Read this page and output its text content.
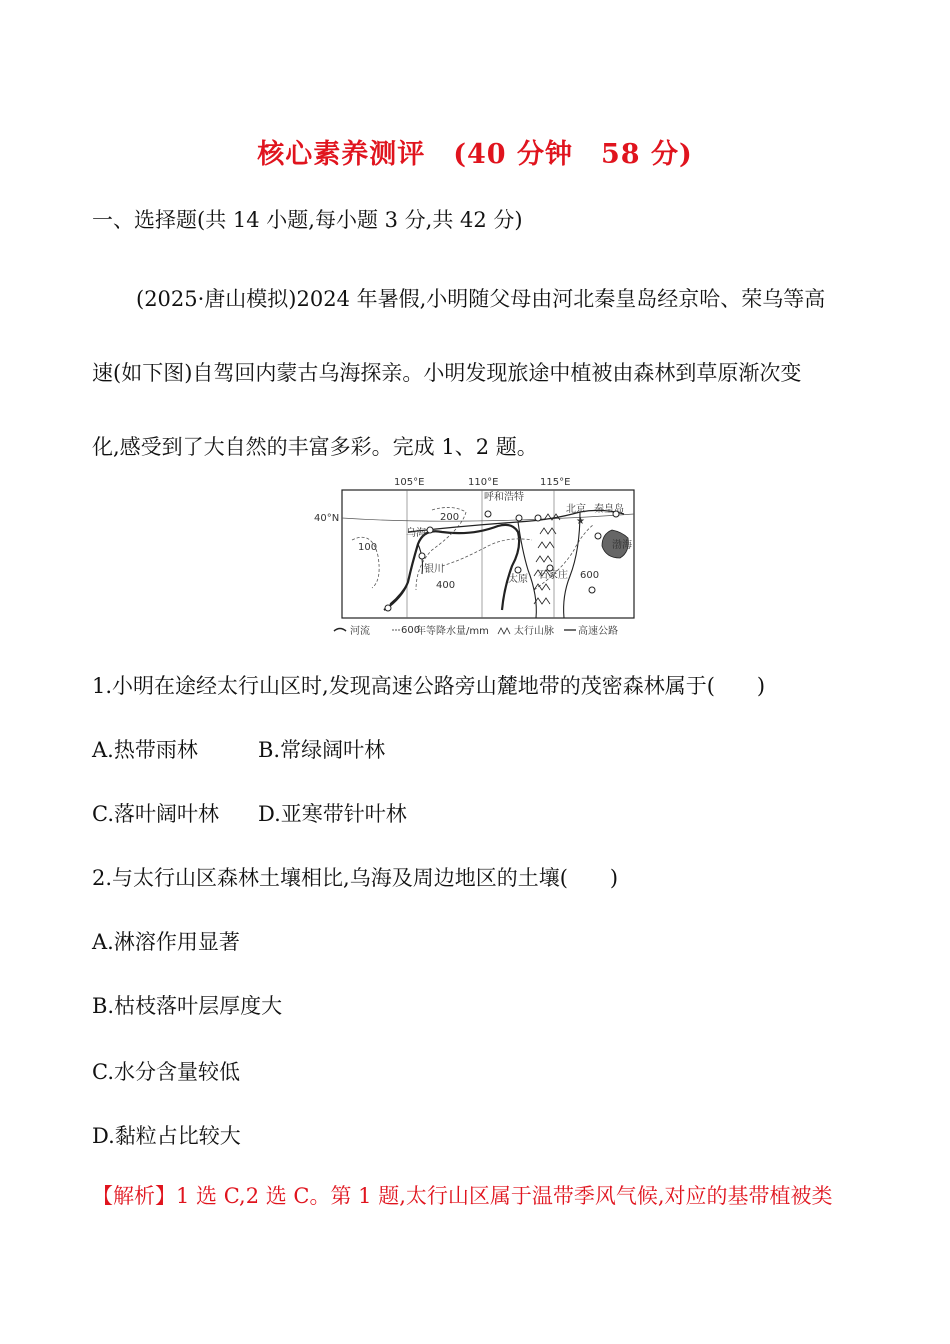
核心素养测评 (40 分钟　58 分)
一、选择题(共 14 小题,每小题 3 分,共 42 分)
(2025·唐山模拟)2024 年暑假,小明随父母由河北秦皇岛经京哈、荣乌等高
速(如下图)自驾回内蒙古乌海探亲。小明发现旅途中植被由森林到草原渐次变
化,感受到了大自然的丰富多彩。完成 1、2 题。
105°E	110°E	115°E
40°N
100
200
400
600
★
呼和浩特
北京 秦皇岛
乌海
银川
渤海
太原 石家庄
河流	600
年等降水量/mm	太行山脉 高速公路
1.小明在途经太行山区时,发现高速公路旁山麓地带的茂密森林属于(　　)
A.热带雨林	B.常绿阔叶林
C.落叶阔叶林 D.亚寒带针叶林
2.与太行山区森林土壤相比,乌海及周边地区的土壤(　　)
A.淋溶作用显著
B.枯枝落叶层厚度大
C.水分含量较低
D.黏粒占比较大
【解析】1 选 C,2 选 C。第 1 题,太行山区属于温带季风气候,对应的基带植被类
